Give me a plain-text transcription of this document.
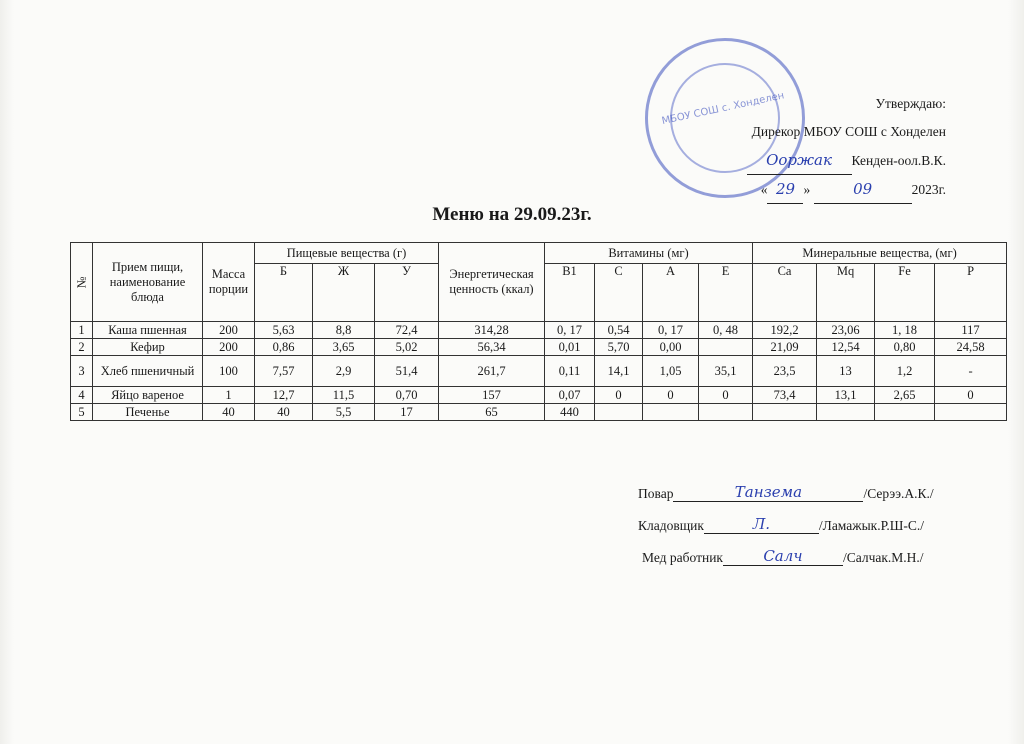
МБОУ СОШ с. Хонделен	Утверждаю:
Дирекор МБОУ СОШ с Хонделен
Ооржак Кенден-оол.В.К.
« 29 »	09	2023г.
Меню на 29.09.23г.
№	Прием пищи, наименование блюда	Масса порции	Пищевые вещества (г)			Энергетическая ценность (ккал)	Витамины (мг)				Минеральные вещества, (мг)			
			Б	Ж	У		В1	С	А	Е	Са	Мq	Fe	Р
1	Каша пшенная	200	5,63	8,8	72,4	314,28	0, 17	0,54	0, 17	0, 48	192,2	23,06	1, 18	117
2	Кефир	200	0,86	3,65	5,02	56,34	0,01	5,70	0,00		21,09	12,54	0,80	24,58
3	Хлеб пшеничный	100	7,57	2,9	51,4	261,7	0,11	14,1	1,05	35,1	23,5	13	1,2	-
4	Яйцо вареное	1	12,7	11,5	0,70	157	0,07	0	0	0	73,4	13,1	2,65	0
5	Печенье	40	40	5,5	17	65	440							
Повар	Танзема	/Серээ.А.К./
Кладовщик	Л.	/Ламажык.Р.Ш-С./
Мед работник	Салч	/Салчак.М.Н./
